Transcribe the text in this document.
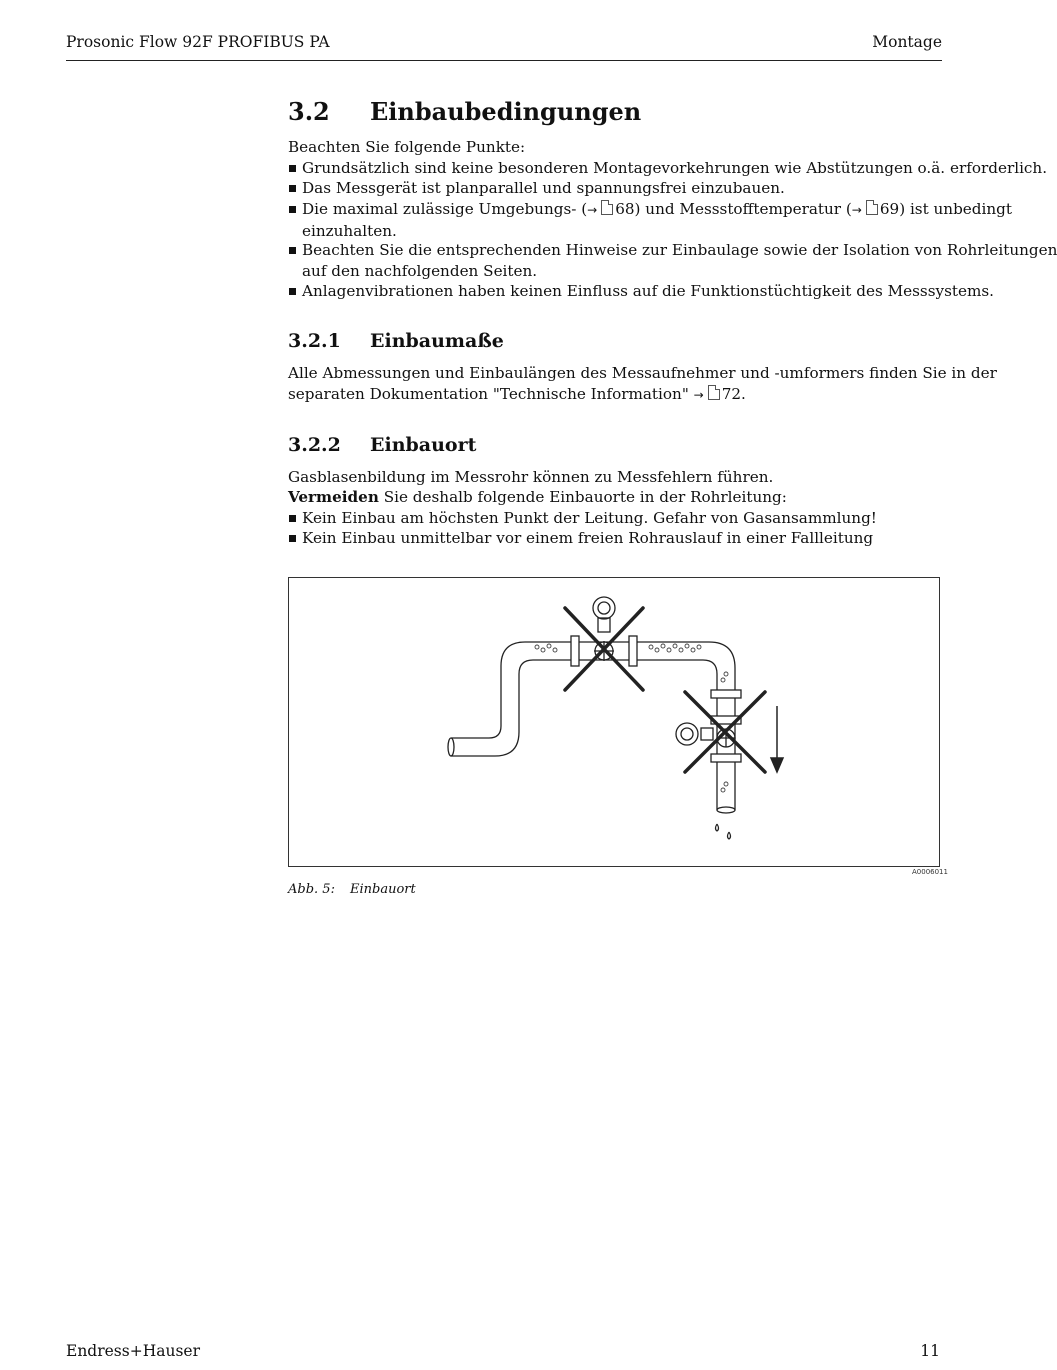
Prosonic Flow 92F PROFIBUS PA	Montage
3.2 Einbaubedingungen
Beachten Sie folgende Punkte:
Grundsätzlich sind keine besonderen Montagevorkehrungen wie Abstützungen o.ä. erforderlich.
Das Messgerät ist planparallel und spannungsfrei einzubauen.
Die maximal zulässige Umgebungs- (→ 68) und Messstofftemperatur (→ 69) ist unbedingt
einzuhalten.
Beachten Sie die entsprechenden Hinweise zur Einbaulage sowie der Isolation von Rohrleitungen
auf den nachfolgenden Seiten.
Anlagenvibrationen haben keinen Einfluss auf die Funktionstüchtigkeit des Messsystems.
3.2.1 Einbaumaße
Alle Abmessungen und Einbaulängen des Messaufnehmer und -umformers finden Sie in der
separaten Dokumentation "Technische Information" → 72.
3.2.2 Einbauort
Gasblasenbildung im Messrohr können zu Messfehlern führen.
Vermeiden Sie deshalb folgende Einbauorte in der Rohrleitung:
Kein Einbau am höchsten Punkt der Leitung. Gefahr von Gasansammlung!
Kein Einbau unmittelbar vor einem freien Rohrauslauf in einer Fallleitung
A0006011
Abb. 5: Einbauort
Endress+Hauser	11
